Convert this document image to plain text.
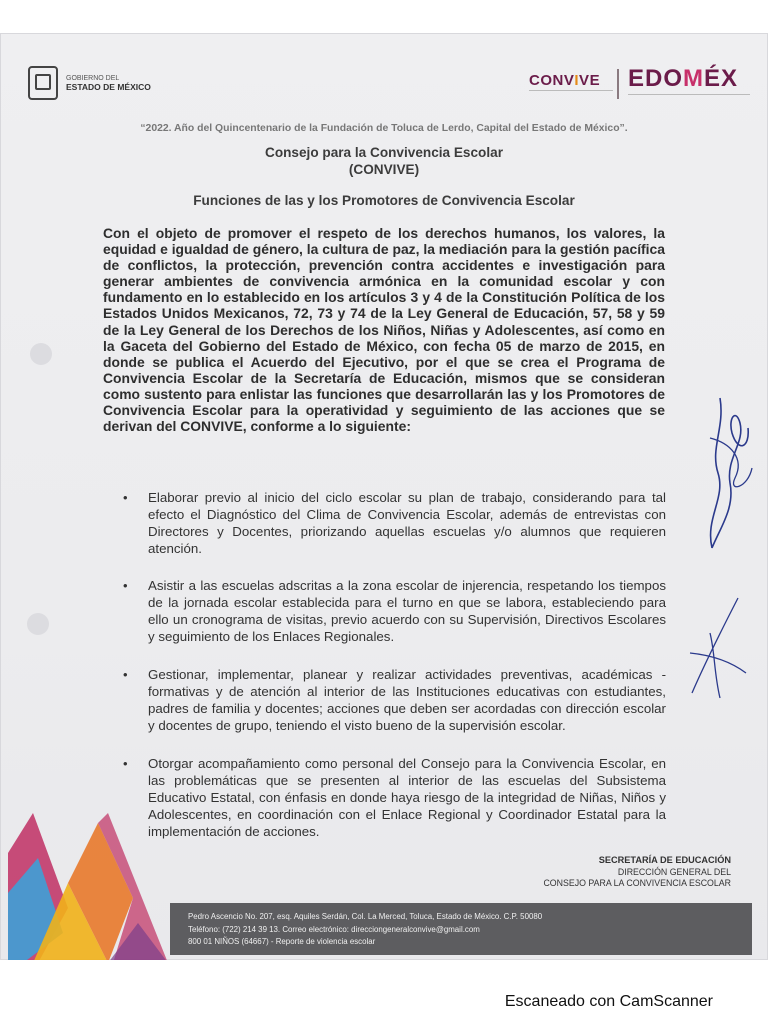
GOBIERNO DEL
ESTADO DE MÉXICO	CONVIVE	EDOMÉX
“2022. Año del Quincentenario de la Fundación de Toluca de Lerdo, Capital del Estado de México”.
Consejo para la Convivencia Escolar
(CONVIVE)
Funciones de las y los Promotores de Convivencia Escolar

Con el objeto de promover el respeto de los derechos humanos, los valores, la equidad e igualdad de género, la cultura de paz, la mediación para la gestión pacífica de conflictos, la protección, prevención contra accidentes e investigación para generar ambientes de convivencia armónica en la comunidad escolar y con fundamento en lo establecido en los artículos 3 y 4 de la Constitución Política de los Estados Unidos Mexicanos, 72, 73 y 74 de la Ley General de Educación, 57, 58 y 59 de la Ley General de los Derechos de los Niños, Niñas y Adolescentes, así como en la Gaceta del Gobierno del Estado de México, con fecha 05 de marzo de 2015, en donde se publica el Acuerdo del Ejecutivo, por el que se crea el Programa de Convivencia Escolar de la Secretaría de Educación, mismos que se consideran como sustento para enlistar las funciones que desarrollarán las y los Promotores de Convivencia Escolar para la operatividad y seguimiento de las acciones que se derivan del CONVIVE, conforme a lo siguiente:

• Elaborar previo al inicio del ciclo escolar su plan de trabajo, considerando para tal efecto el Diagnóstico del Clima de Convivencia Escolar, además de entrevistas con Directores y Docentes, priorizando aquellas escuelas y/o alumnos que requieren atención.
• Asistir a las escuelas adscritas a la zona escolar de injerencia, respetando los tiempos de la jornada escolar establecida para el turno en que se labora, estableciendo para ello un cronograma de visitas, previo acuerdo con su Supervisión, Directivos Escolares y seguimiento de los Enlaces Regionales.
• Gestionar, implementar, planear y realizar actividades preventivas, académicas - formativas y de atención al interior de las Instituciones educativas con estudiantes, padres de familia y docentes; acciones que deben ser acordadas con dirección escolar y docentes de grupo, teniendo el visto bueno de la supervisión escolar.
• Otorgar acompañamiento como personal del Consejo para la Convivencia Escolar, en las problemáticas que se presenten al interior de las escuelas del Subsistema Educativo Estatal, con énfasis en donde haya riesgo de la integridad de Niñas, Niños y Adolescentes, en coordinación con el Enlace Regional y Coordinador Estatal para la implementación de acciones.
SECRETARÍA DE EDUCACIÓN
DIRECCIÓN GENERAL DEL
CONSEJO PARA LA CONVIVENCIA ESCOLAR
Pedro Ascencio No. 207, esq. Aquiles Serdán, Col. La Merced, Toluca, Estado de México. C.P. 50080
Teléfono: (722) 214 39 13. Correo electrónico: direcciongeneralconvive@gmail.com
800 01 NIÑOS (64667) - Reporte de violencia escolar
Escaneado con CamScanner
